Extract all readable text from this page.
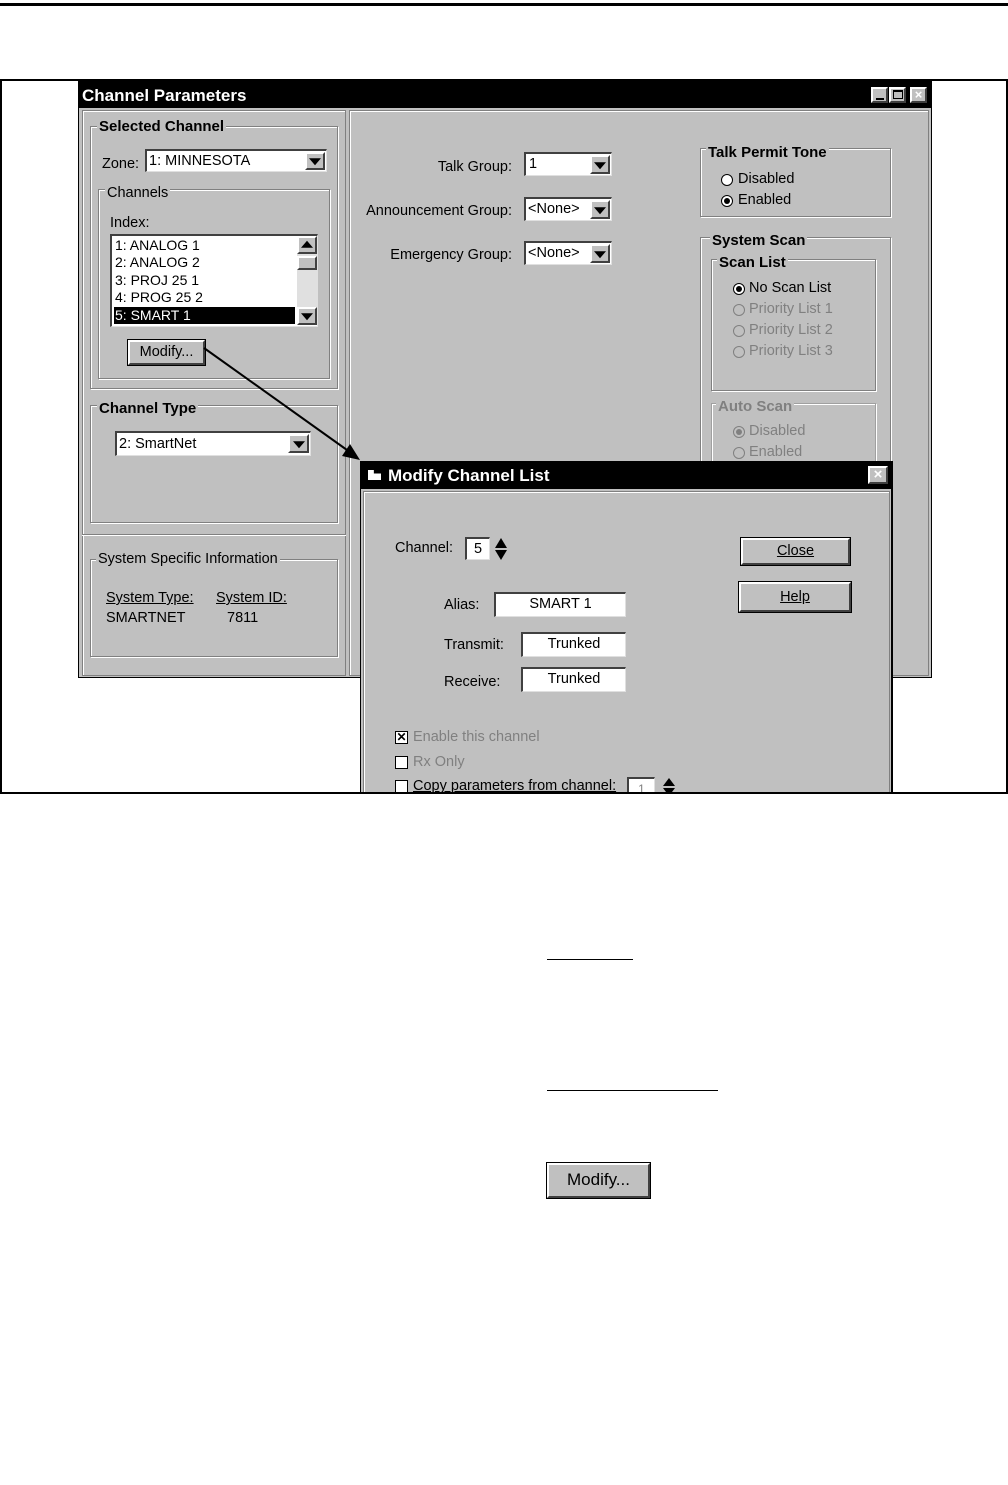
Channel Parameters	×
Selected Channel
Zone: 1: MINNESOTA
Channels
Index:
1: ANALOG 1
2: ANALOG 2
3: PROJ 25 1
4: PROG 25 2
5: SMART 1
Modify...
Channel Type
2: SmartNet
System Specific Information
System Type: System ID:
SMARTNET	7811
Talk Group:	1
Announcement Group: <None>
Emergency Group: <None>
Talk Permit Tone
Disabled
Enabled
System Scan
Scan List
No Scan List
Priority List 1
Priority List 2
Priority List 3
Auto Scan
Disabled
Enabled
Modify Channel List	×
Channel:	5
Alias:	SMART 1
Transmit:	Trunked
Receive:	Trunked
Close
Help
✕ Enable this channel
Rx Only
Copy parameters from channel:	1
Modify...
